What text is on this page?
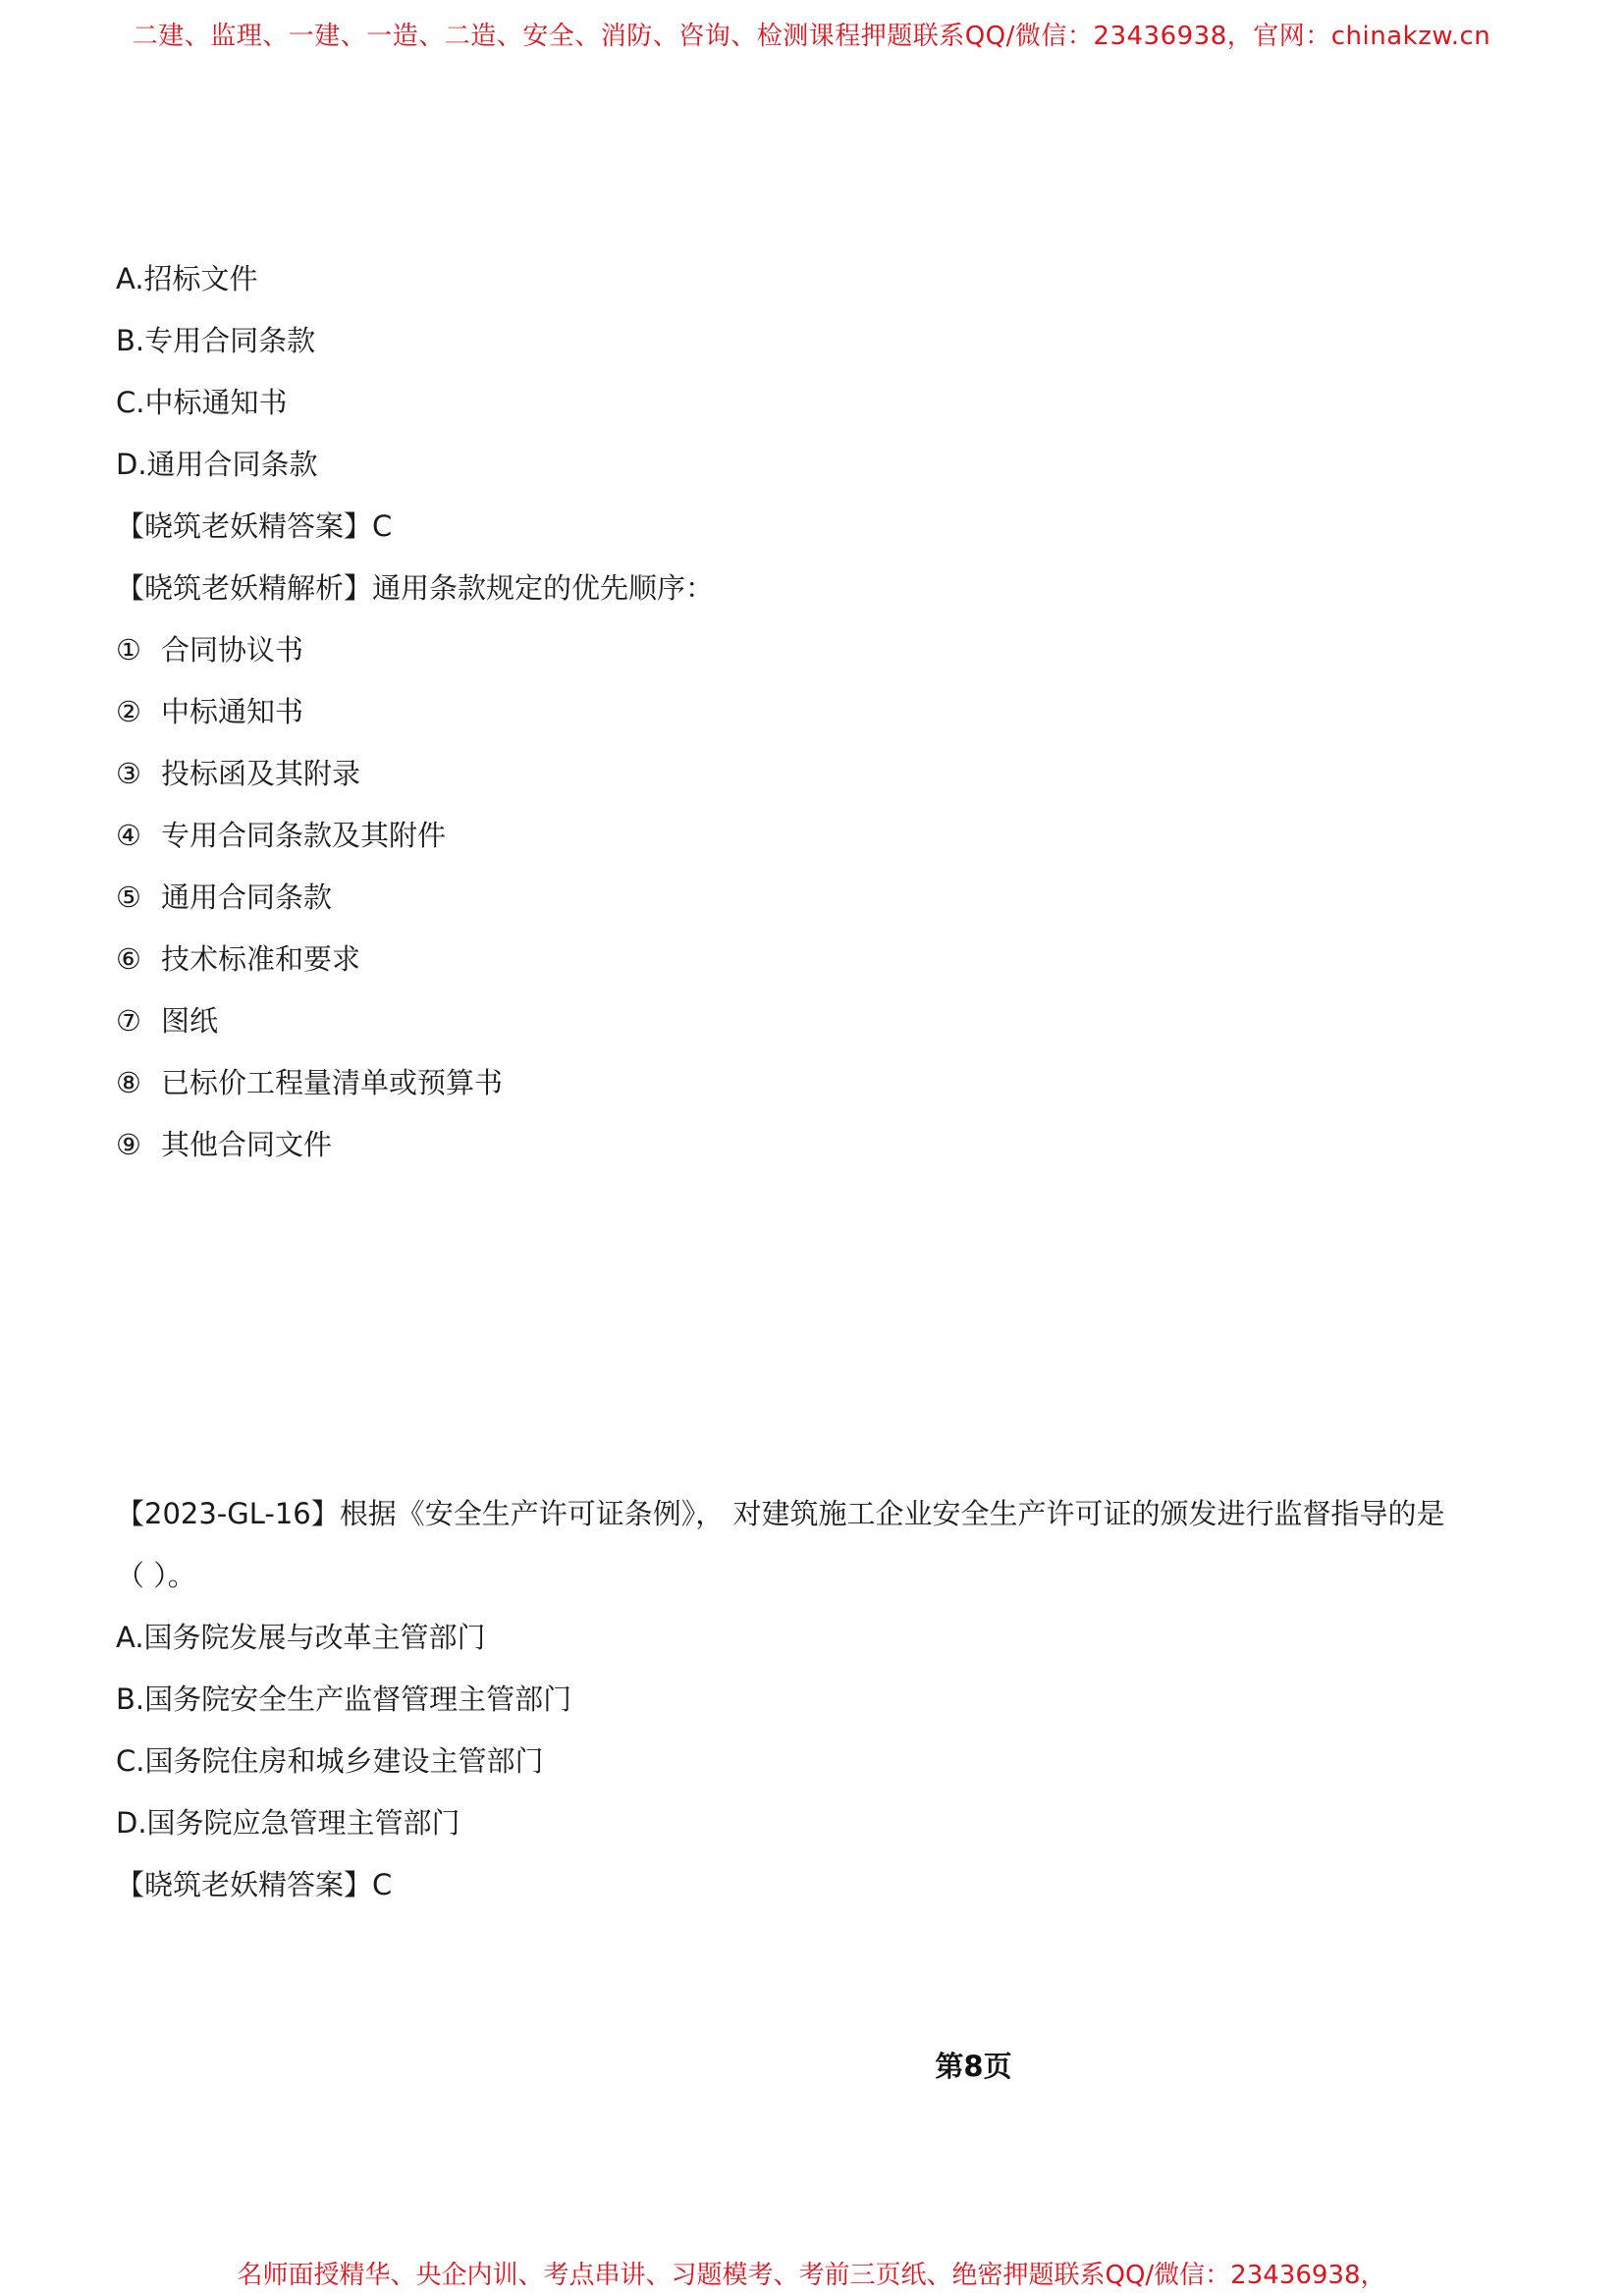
二建、监理、一建、一造、二造、安全、消防、咨询、检测课程押题联系QQ/微信：23436938，官网：chinakzw.cn
A.招标文件
B.专用合同条款
C.中标通知书
D.通用合同条款
【晓筑老妖精答案】C
【晓筑老妖精解析】通用条款规定的优先顺序：
① 合同协议书
② 中标通知书
③ 投标函及其附录
④ 专用合同条款及其附件
⑤ 通用合同条款
⑥ 技术标准和要求
⑦ 图纸
⑧ 已标价工程量清单或预算书
⑨ 其他合同文件
【2023-GL-16】根据《安全生产许可证条例》， 对建筑施工企业安全生产许可证的颁发进行监督指导的是
（ ）。
A.国务院发展与改革主管部门
B.国务院安全生产监督管理主管部门
C.国务院住房和城乡建设主管部门
D.国务院应急管理主管部门
【晓筑老妖精答案】C
第8页
名师面授精华、央企内训、考点串讲、习题模考、考前三页纸、绝密押题联系QQ/微信：23436938，
